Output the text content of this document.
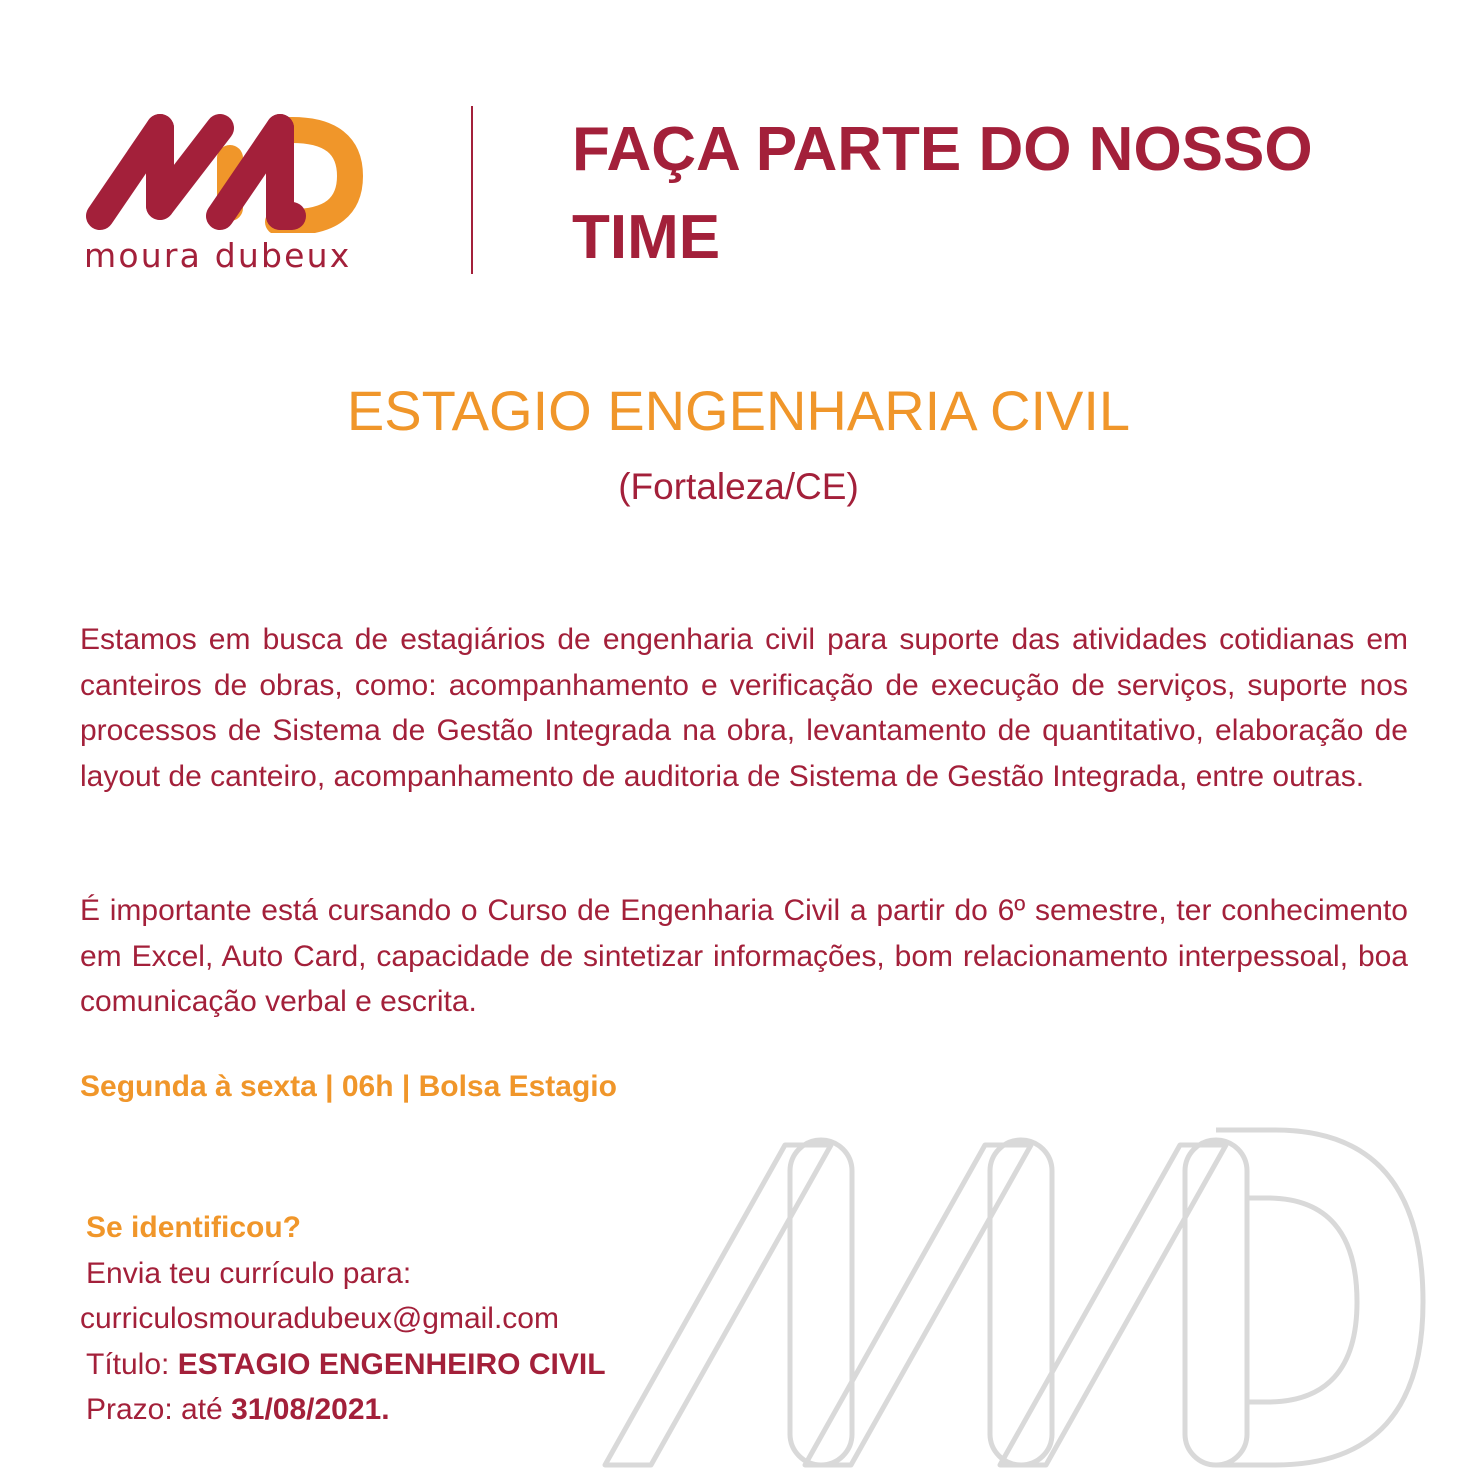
moura dubeux
FAÇA PARTE DO NOSSO TIME
ESTAGIO ENGENHARIA CIVIL
(Fortaleza/CE)

Estamos em busca de estagiários de engenharia civil para suporte das atividades cotidianas em canteiros de obras, como: acompanhamento e verificação de execução de serviços, suporte nos processos de Sistema de Gestão Integrada na obra, levantamento de quantitativo, elaboração de layout de canteiro, acompanhamento de auditoria de Sistema de Gestão Integrada, entre outras.

É importante está cursando o Curso de Engenharia Civil a partir do 6º semestre, ter conhecimento em Excel, Auto Card, capacidade de sintetizar informações, bom relacionamento interpessoal, boa comunicação verbal e escrita.

Segunda à sexta | 06h | Bolsa Estagio

Se identificou?
Envia teu currículo para:
curriculosmouradubeux@gmail.com
Título: ESTAGIO ENGENHEIRO CIVIL
Prazo: até 31/08/2021.
